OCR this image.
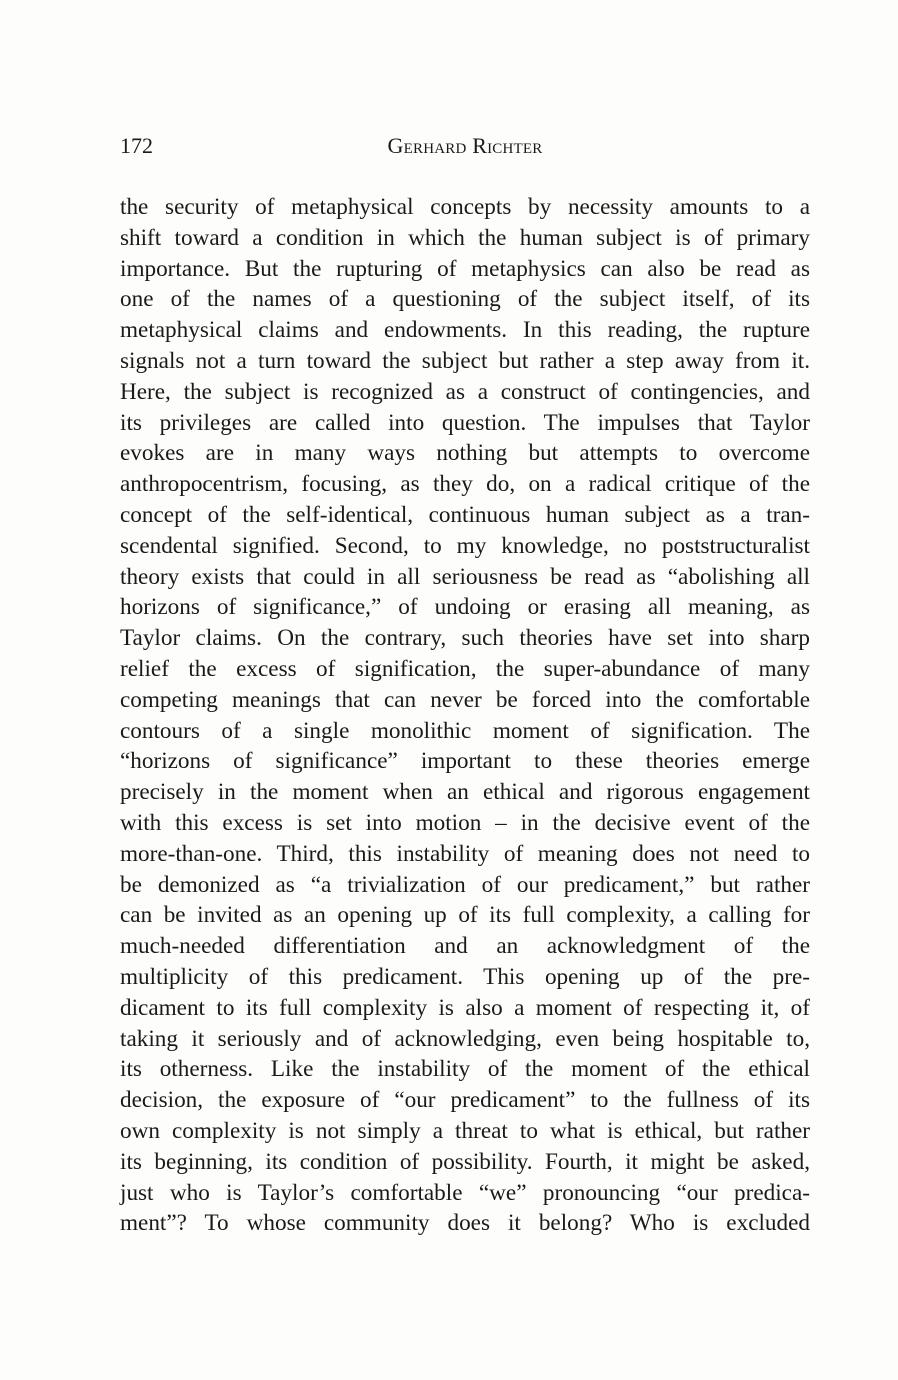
172	Gerhard Richter
the security of metaphysical concepts by necessity amounts to a
shift toward a condition in which the human subject is of primary
importance. But the rupturing of metaphysics can also be read as
one of the names of a questioning of the subject itself, of its
metaphysical claims and endowments. In this reading, the rupture
signals not a turn toward the subject but rather a step away from it.
Here, the subject is recognized as a construct of contingencies, and
its privileges are called into question. The impulses that Taylor
evokes are in many ways nothing but attempts to overcome
anthropocentrism, focusing, as they do, on a radical critique of the
concept of the self-identical, continuous human subject as a tran-
scendental signified. Second, to my knowledge, no poststructuralist
theory exists that could in all seriousness be read as “abolishing all
horizons of significance,” of undoing or erasing all meaning, as
Taylor claims. On the contrary, such theories have set into sharp
relief the excess of signification, the super-abundance of many
competing meanings that can never be forced into the comfortable
contours of a single monolithic moment of signification. The
“horizons of significance” important to these theories emerge
precisely in the moment when an ethical and rigorous engagement
with this excess is set into motion – in the decisive event of the
more-than-one. Third, this instability of meaning does not need to
be demonized as “a trivialization of our predicament,” but rather
can be invited as an opening up of its full complexity, a calling for
much-needed differentiation and an acknowledgment of the
multiplicity of this predicament. This opening up of the pre-
dicament to its full complexity is also a moment of respecting it, of
taking it seriously and of acknowledging, even being hospitable to,
its otherness. Like the instability of the moment of the ethical
decision, the exposure of “our predicament” to the fullness of its
own complexity is not simply a threat to what is ethical, but rather
its beginning, its condition of possibility. Fourth, it might be asked,
just who is Taylor’s comfortable “we” pronouncing “our predica-
ment”? To whose community does it belong? Who is excluded
